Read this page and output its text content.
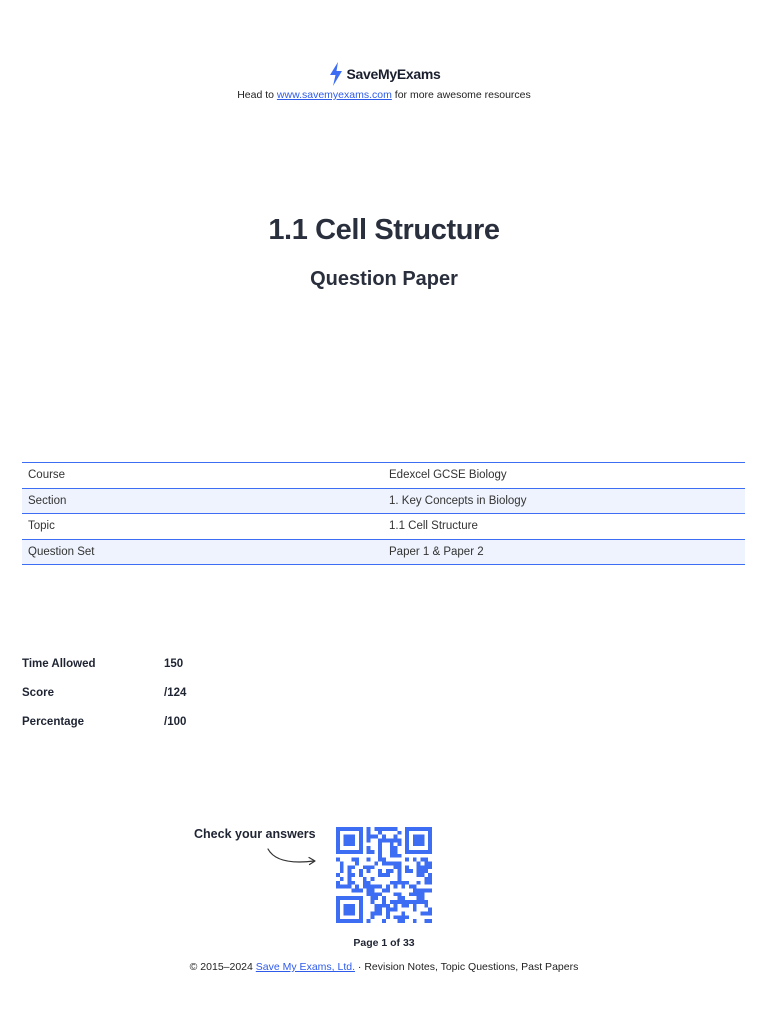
SaveMyExams
Head to www.savemyexams.com for more awesome resources
1.1 Cell Structure
Question Paper
Course	Edexcel GCSE Biology
Section	1. Key Concepts in Biology
Topic	1.1 Cell Structure
Question Set	Paper 1 & Paper 2
Time Allowed	150
Score	/124
Percentage	/100
Check your answers
Page 1 of 33
© 2015–2024 Save My Exams, Ltd. · Revision Notes, Topic Questions, Past Papers
